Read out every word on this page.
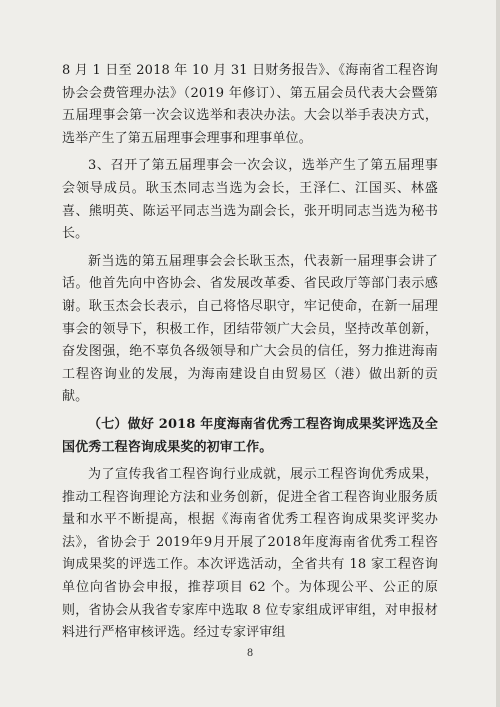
8 月 1 日至 2018 年 10 月 31 日财务报告》、《海南省工程咨询协会会费管理办法》（2019 年修订）、第五届会员代表大会暨第五届理事会第一次会议选举和表决办法。大会以举手表决方式，选举产生了第五届理事会理事和理事单位。

3、召开了第五届理事会一次会议，选举产生了第五届理事会领导成员。耿玉杰同志当选为会长，王泽仁、江国买、林盛喜、熊明英、陈运平同志当选为副会长，张开明同志当选为秘书长。

新当选的第五届理事会会长耿玉杰，代表新一届理事会讲了话。他首先向中咨协会、省发展改革委、省民政厅等部门表示感谢。耿玉杰会长表示，自己将恪尽职守，牢记使命，在新一届理事会的领导下，积极工作，团结带领广大会员，坚持改革创新，奋发图强，绝不辜负各级领导和广大会员的信任，努力推进海南工程咨询业的发展，为海南建设自由贸易区（港）做出新的贡献。

（七）做好 2018 年度海南省优秀工程咨询成果奖评选及全国优秀工程咨询成果奖的初审工作。

为了宣传我省工程咨询行业成就，展示工程咨询优秀成果，推动工程咨询理论方法和业务创新，促进全省工程咨询业服务质量和水平不断提高，根据《海南省优秀工程咨询成果奖评奖办法》，省协会于 2019年9月开展了2018年度海南省优秀工程咨询成果奖的评选工作。本次评选活动，全省共有 18 家工程咨询单位向省协会申报，推荐项目 62 个。为体现公平、公正的原则，省协会从我省专家库中选取 8 位专家组成评审组，对申报材料进行严格审核评选。经过专家评审组

8
